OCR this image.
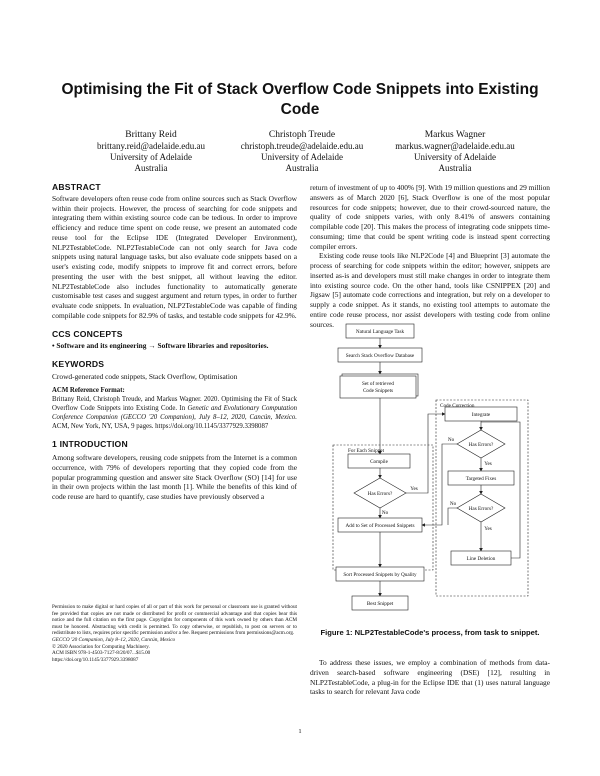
Optimising the Fit of Stack Overflow Code Snippets into Existing Code
Brittany Reid
brittany.reid@adelaide.edu.au
University of Adelaide
Australia
Christoph Treude
christoph.treude@adelaide.edu.au
University of Adelaide
Australia
Markus Wagner
markus.wagner@adelaide.edu.au
University of Adelaide
Australia

ABSTRACT

Software developers often reuse code from online sources such as Stack Overflow within their projects. However, the process of searching for code snippets and integrating them within existing source code can be tedious. In order to improve efficiency and reduce time spent on code reuse, we present an automated code reuse tool for the Eclipse IDE (Integrated Developer Environment), NLP2TestableCode. NLP2TestableCode can not only search for Java code snippets using natural language tasks, but also evaluate code snippets based on a user's existing code, modify snippets to improve fit and correct errors, before presenting the user with the best snippet, all without leaving the editor. NLP2TestableCode also includes functionality to automatically generate customisable test cases and suggest argument and return types, in order to further evaluate code snippets. In evaluation, NLP2TestableCode was capable of finding compilable code snippets for 82.9% of tasks, and testable code snippets for 42.9%.

CCS CONCEPTS

• Software and its engineering → Software libraries and repositories.

KEYWORDS

Crowd-generated code snippets, Stack Overflow, Optimisation

ACM Reference Format:

Brittany Reid, Christoph Treude, and Markus Wagner. 2020. Optimising the Fit of Stack Overflow Code Snippets into Existing Code. In Genetic and Evolutionary Computation Conference Companion (GECCO '20 Companion), July 8–12, 2020, Cancún, Mexico. ACM, New York, NY, USA, 9 pages. https://doi.org/10.1145/3377929.3398087

1 INTRODUCTION

Among software developers, reusing code snippets from the Internet is a common occurrence, with 79% of developers reporting that they copied code from the popular programming question and answer site Stack Overflow (SO) [14] for use in their own projects within the last month [1]. While the benefits of this kind of code reuse are hard to quantify, case studies have previously observed a

Permission to make digital or hard copies of all or part of this work for personal or classroom use is granted without fee provided that copies are not made or distributed for profit or commercial advantage and that copies bear this notice and the full citation on the first page. Copyrights for components of this work owned by others than ACM must be honored. Abstracting with credit is permitted. To copy otherwise, or republish, to post on servers or to redistribute to lists, requires prior specific permission and/or a fee. Request permissions from permissions@acm.org.

GECCO '20 Companion, July 8–12, 2020, Cancún, Mexico

© 2020 Association for Computing Machinery.

ACM ISBN 978-1-4503-7127-8/20/07...$15.00

https://doi.org/10.1145/3377929.3398087

return of investment of up to 400% [9]. With 19 million questions and 29 million answers as of March 2020 [6], Stack Overflow is one of the most popular resources for code snippets; however, due to their crowd-sourced nature, the quality of code snippets varies, with only 8.41% of answers containing compilable code [20]. This makes the process of integrating code snippets time-consuming; time that could be spent writing code is instead spent correcting compiler errors.

Existing code reuse tools like NLP2Code [4] and Blueprint [3] automate the process of searching for code snippets within the editor; however, snippets are inserted as-is and developers must still make changes in order to integrate them into existing source code. On the other hand, tools like CSNIPPEX [20] and Jigsaw [5] automate code corrections and integration, but rely on a developer to supply a code snippet. As it stands, no existing tool attempts to automate the entire code reuse process, nor assist developers with testing code from online sources.

Natural Language Task
Search Stack Overflow Database
Set of retrieved
Code Snippets
For Each Snippet
Compile
Has Errors?
Add to Set of Processed Snippets
Sort Processed Snippets by Quality
Best Snippet
Code Correction
Integrate
Has Errors?
Targeted Fixes
Has Errors?
Line Deletion
Yes
No
Yes
No
Yes
No
Figure 1: NLP2TestableCode's process, from task to snippet.

To address these issues, we employ a combination of methods from data-driven search-based software engineering (DSE) [12], resulting in NLP2TestableCode, a plug-in for the Eclipse IDE that (1) uses natural language tasks to search for relevant Java code

1
